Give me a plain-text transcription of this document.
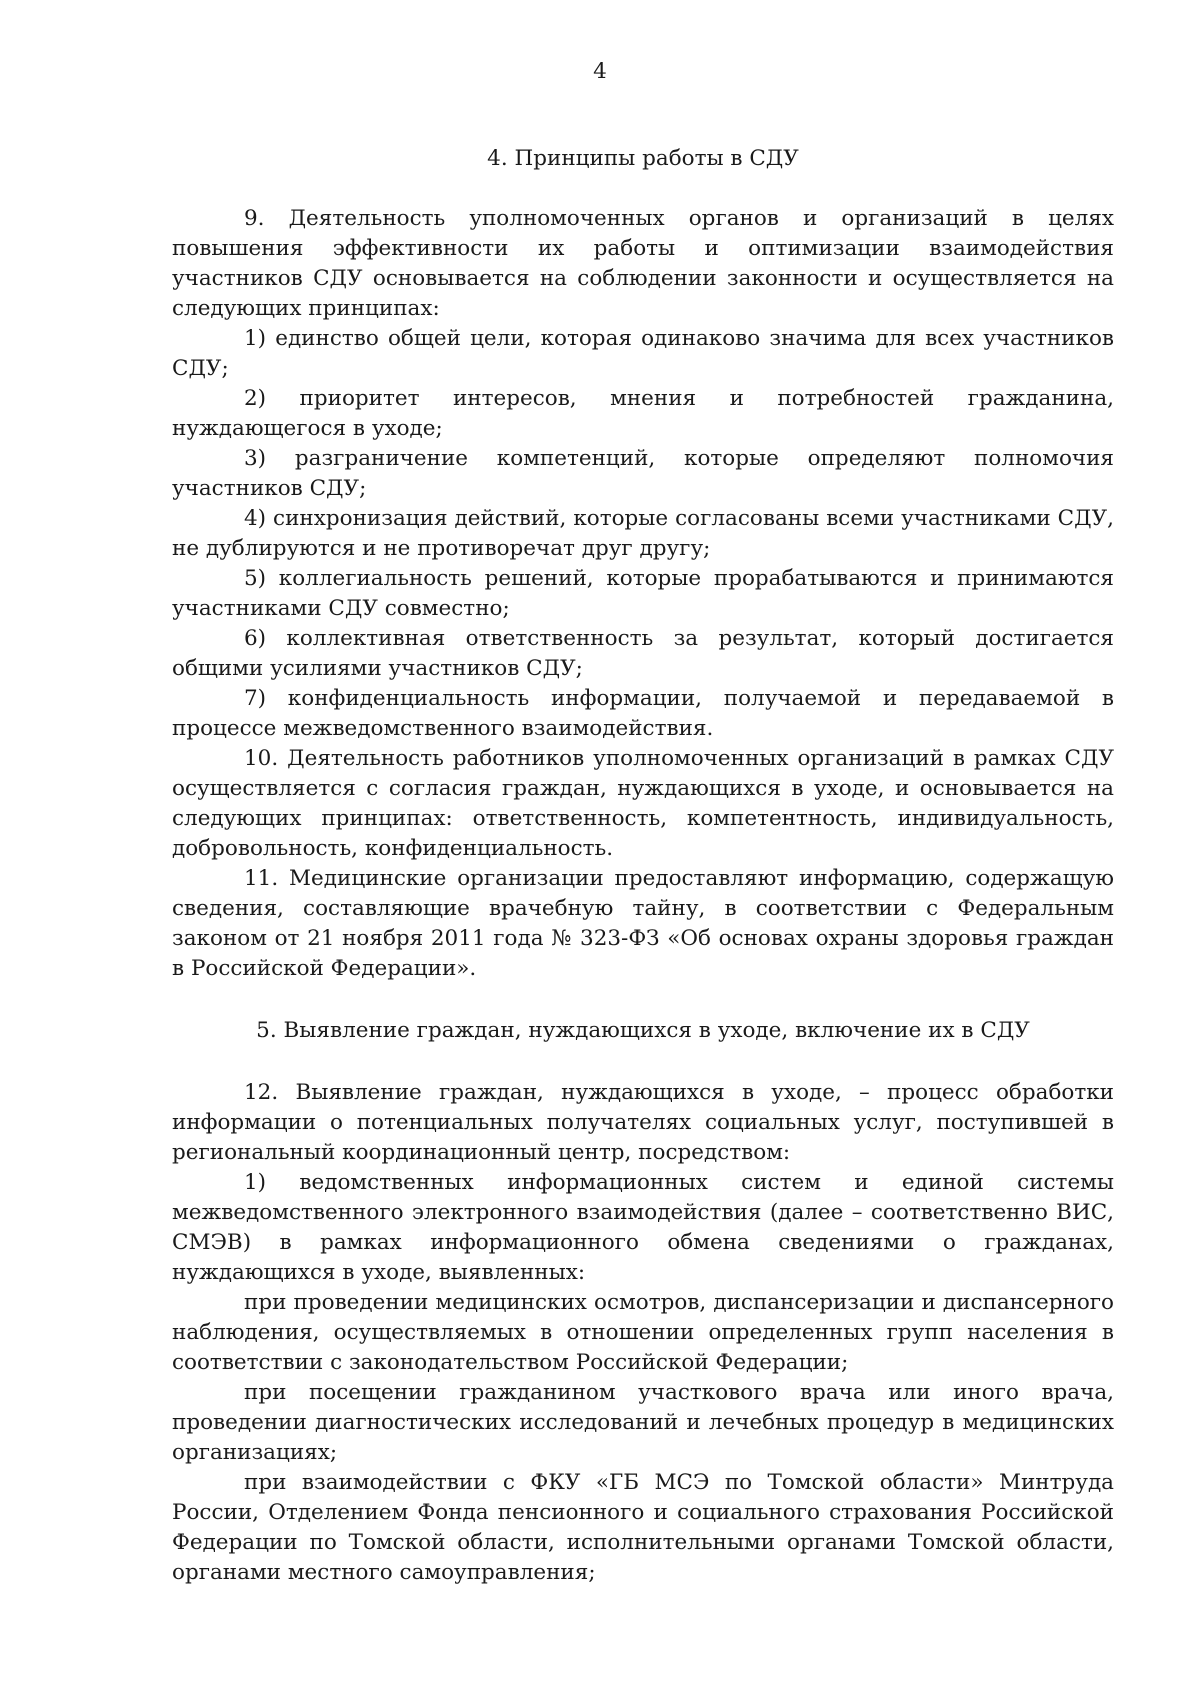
4

4. Принципы работы в СДУ

9. Деятельность уполномоченных органов и организаций в целях повышения эффективности их работы и оптимизации взаимодействия участников СДУ основывается на соблюдении законности и осуществляется на следующих принципах:

1) единство общей цели, которая одинаково значима для всех участников СДУ;

2) приоритет интересов, мнения и потребностей гражданина, нуждающегося в уходе;

3) разграничение компетенций, которые определяют полномочия участников СДУ;

4) синхронизация действий, которые согласованы всеми участниками СДУ, не дублируются и не противоречат друг другу;

5) коллегиальность решений, которые прорабатываются и принимаются участниками СДУ совместно;

6) коллективная ответственность за результат, который достигается общими усилиями участников СДУ;

7) конфиденциальность информации, получаемой и передаваемой в процессе межведомственного взаимодействия.

10. Деятельность работников уполномоченных организаций в рамках СДУ осуществляется с согласия граждан, нуждающихся в уходе, и основывается на следующих принципах: ответственность, компетентность, индивидуальность, добровольность, конфиденциальность.

11. Медицинские организации предоставляют информацию, содержащую сведения, составляющие врачебную тайну, в соответствии с Федеральным законом от 21 ноября 2011 года № 323-ФЗ «Об основах охраны здоровья граждан в Российской Федерации».

5. Выявление граждан, нуждающихся в уходе, включение их в СДУ

12. Выявление граждан, нуждающихся в уходе, – процесс обработки информации о потенциальных получателях социальных услуг, поступившей в региональный координационный центр, посредством:

1) ведомственных информационных систем и единой системы межведомственного электронного взаимодействия (далее – соответственно ВИС, СМЭВ) в рамках информационного обмена сведениями о гражданах, нуждающихся в уходе, выявленных:

при проведении медицинских осмотров, диспансеризации и диспансерного наблюдения, осуществляемых в отношении определенных групп населения в соответствии с законодательством Российской Федерации;

при посещении гражданином участкового врача или иного врача, проведении диагностических исследований и лечебных процедур в медицинских организациях;

при взаимодействии с ФКУ «ГБ МСЭ по Томской области» Минтруда России, Отделением Фонда пенсионного и социального страхования Российской Федерации по Томской области, исполнительными органами Томской области, органами местного самоуправления;
